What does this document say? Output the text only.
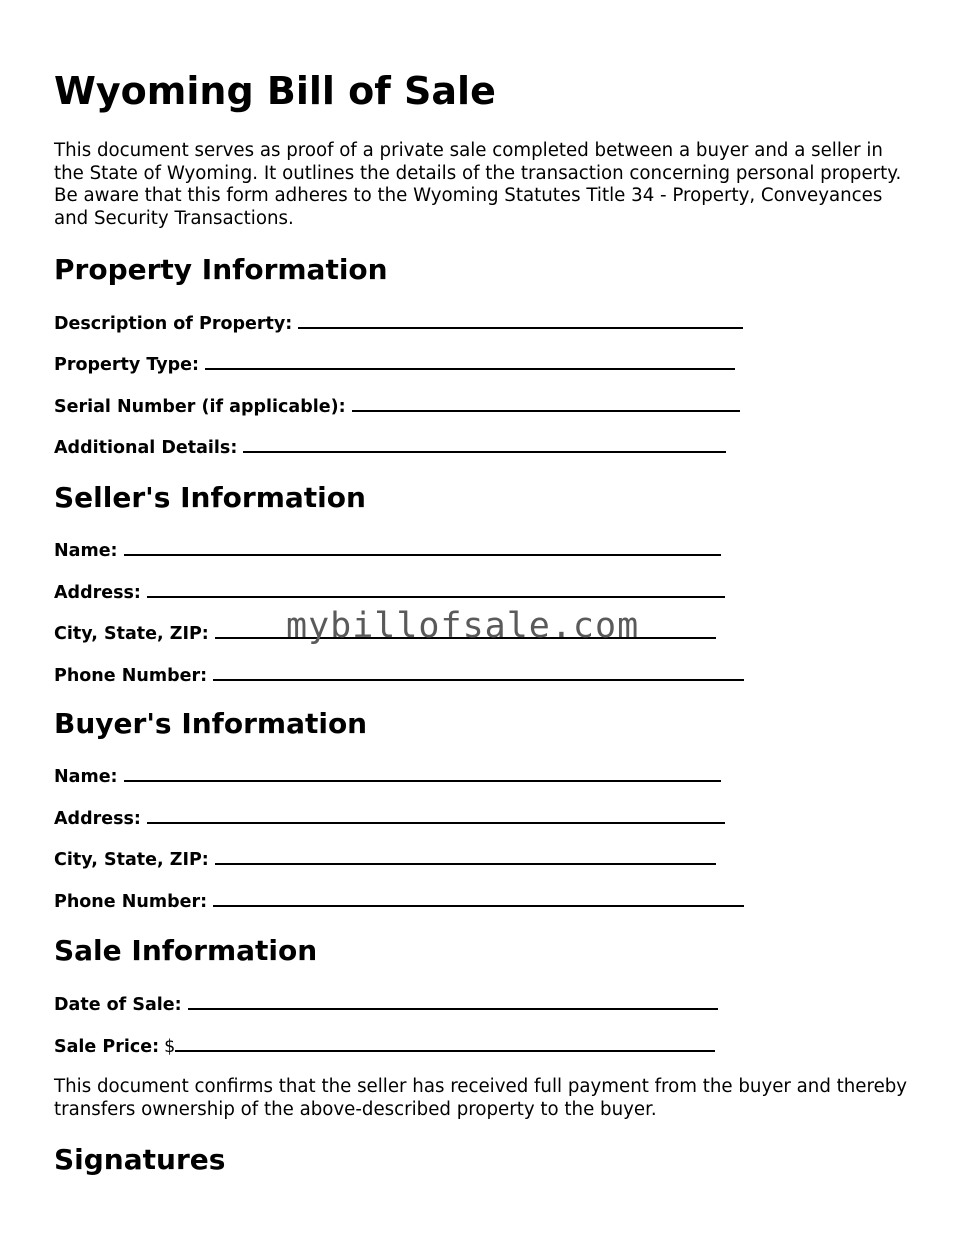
Wyoming Bill of Sale

This document serves as proof of a private sale completed between a buyer and a seller in the State of Wyoming. It outlines the details of the transaction concerning personal property. Be aware that this form adheres to the Wyoming Statutes Title 34 - Property, Conveyances and Security Transactions.

Property Information
Description of Property:
Property Type:
Serial Number (if applicable):
Additional Details:
Seller's Information
Name:
Address:
City, State, ZIP:
Phone Number:
Buyer's Information
Name:
Address:
City, State, ZIP:
Phone Number:
Sale Information
Date of Sale:
Sale Price: $

This document confirms that the seller has received full payment from the buyer and thereby transfers ownership of the above-described property to the buyer.

Signatures
mybillofsale.com
